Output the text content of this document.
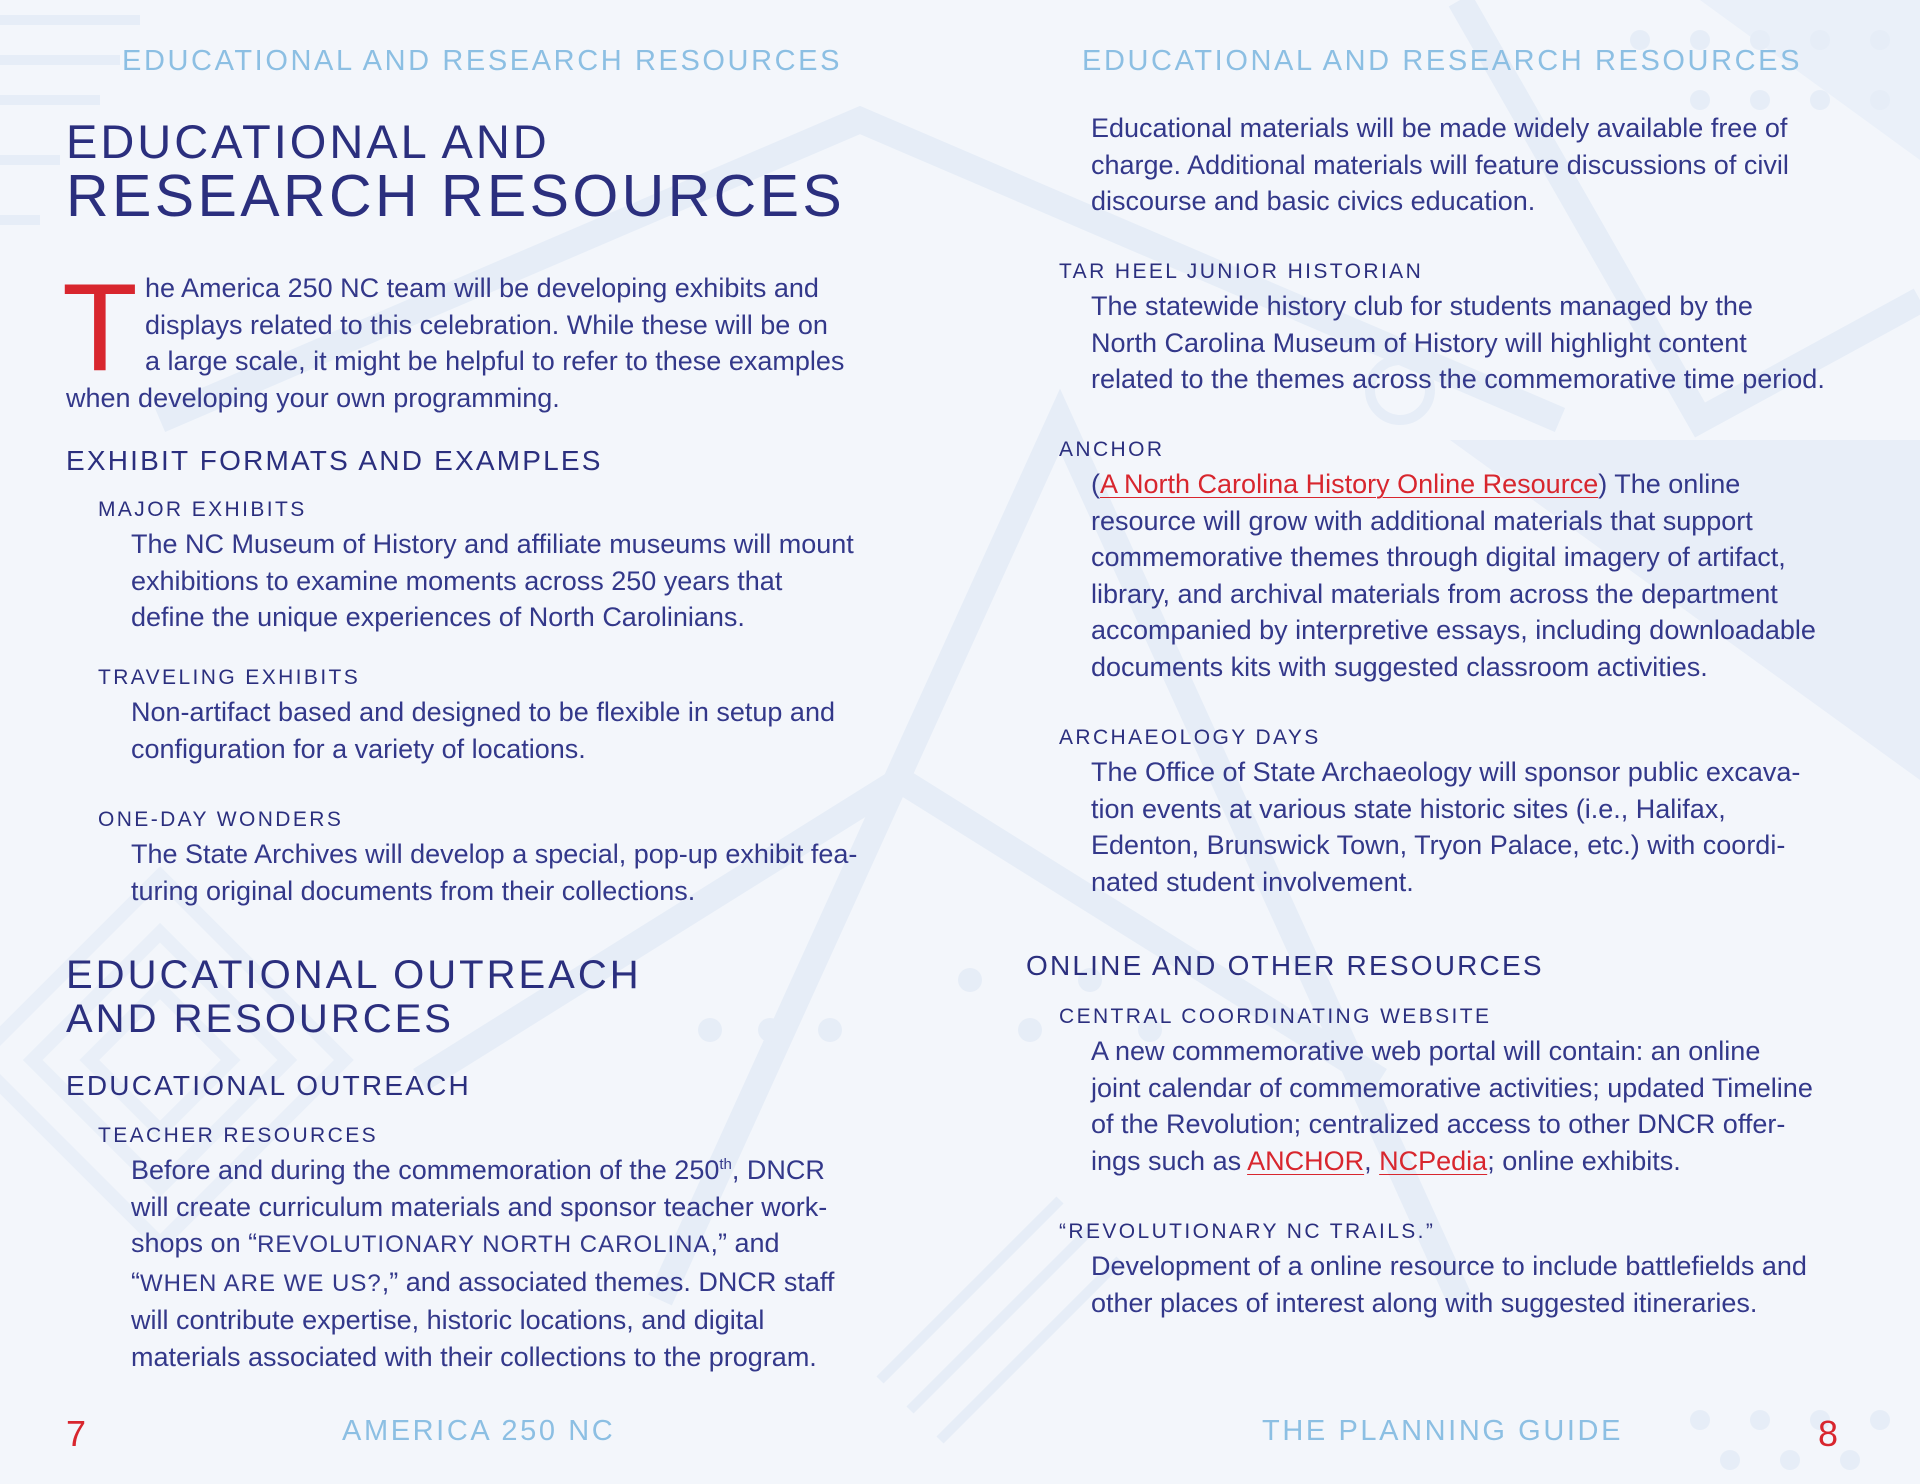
EDUCATIONAL AND RESEARCH RESOURCES	EDUCATIONAL AND RESEARCH RESOURCES
EDUCATIONAL AND
RESEARCH RESOURCES
T he America 250 NC team will be developing exhibits and
displays related to this celebration. While these will be on
a large scale, it might be helpful to refer to these examples
when developing your own programming.
EXHIBIT FORMATS AND EXAMPLES
MAJOR EXHIBITS
The NC Museum of History and affiliate museums will mount
exhibitions to examine moments across 250 years that
define the unique experiences of North Carolinians.
TRAVELING EXHIBITS
Non-artifact based and designed to be flexible in setup and
configuration for a variety of locations.
ONE-DAY WONDERS
The State Archives will develop a special, pop-up exhibit fea-
turing original documents from their collections.
EDUCATIONAL OUTREACH
AND RESOURCES
EDUCATIONAL OUTREACH
TEACHER RESOURCES
Before and during the commemoration of the 250th, DNCR
will create curriculum materials and sponsor teacher work-
shops on “REVOLUTIONARY NORTH CAROLINA,” and
“WHEN ARE WE US?,” and associated themes. DNCR staff
will contribute expertise, historic locations, and digital
materials associated with their collections to the program.
Educational materials will be made widely available free of
charge. Additional materials will feature discussions of civil
discourse and basic civics education.
TAR HEEL JUNIOR HISTORIAN
The statewide history club for students managed by the
North Carolina Museum of History will highlight content
related to the themes across the commemorative time period.
ANCHOR
(A North Carolina History Online Resource) The online
resource will grow with additional materials that support
commemorative themes through digital imagery of artifact,
library, and archival materials from across the department
accompanied by interpretive essays, including downloadable
documents kits with suggested classroom activities.
ARCHAEOLOGY DAYS
The Office of State Archaeology will sponsor public excava-
tion events at various state historic sites (i.e., Halifax,
Edenton, Brunswick Town, Tryon Palace, etc.) with coordi-
nated student involvement.
ONLINE AND OTHER RESOURCES
CENTRAL COORDINATING WEBSITE
A new commemorative web portal will contain: an online
joint calendar of commemorative activities; updated Timeline
of the Revolution; centralized access to other DNCR offer-
ings such as ANCHOR, NCPedia; online exhibits.
“REVOLUTIONARY NC TRAILS.”
Development of a online resource to include battlefields and
other places of interest along with suggested itineraries.
7	AMERICA 250 NC	THE PLANNING GUIDE	8
